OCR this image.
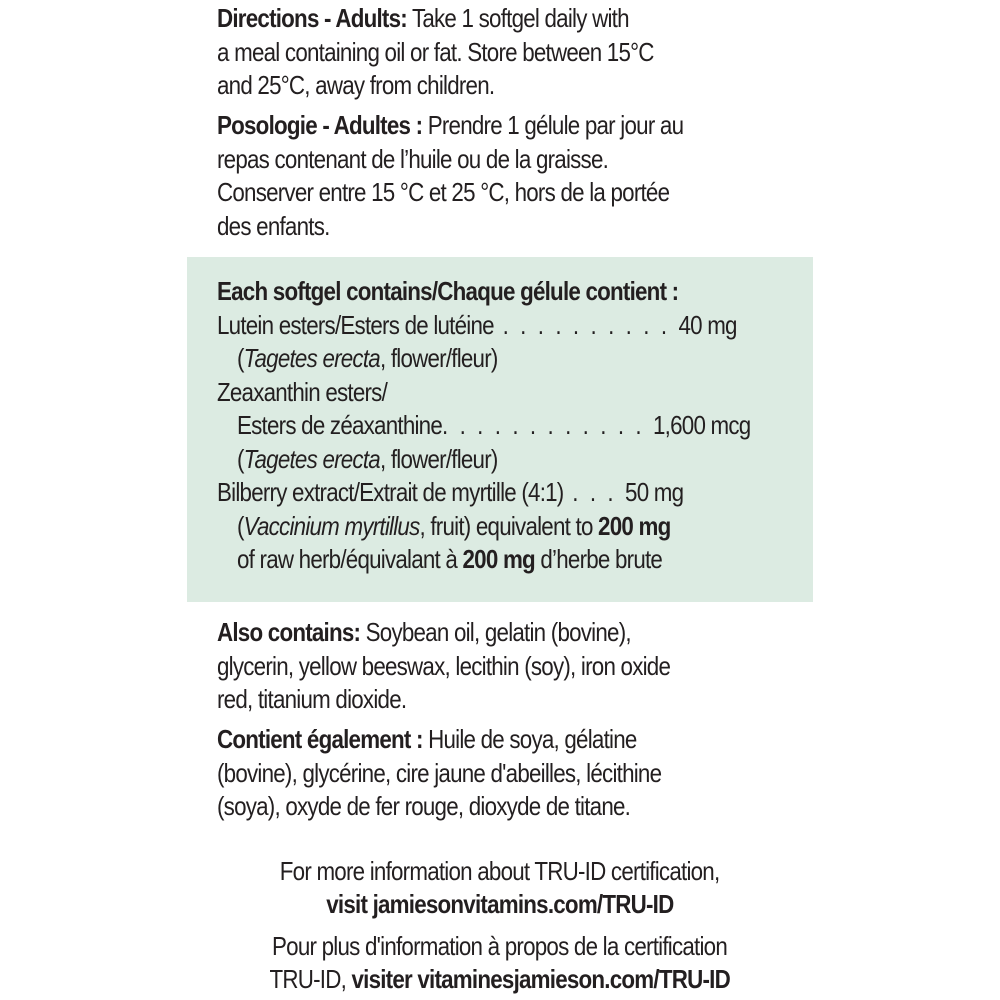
Directions - Adults: Take 1 softgel daily with
a meal containing oil or fat. Store between 15°C
and 25°C, away from children.
Posologie - Adultes : Prendre 1 gélule par jour au
repas contenant de l’huile ou de la graisse.
Conserver entre 15 °C et 25 °C, hors de la portée
des enfants.
Each softgel contains/Chaque gélule contient :
Lutein esters/Esters de lutéine . . . . . . . . . . 40 mg
(Tagetes erecta, flower/fleur)
Zeaxanthin esters/
Esters de zéaxanthine. . . . . . . . . . . . 1,600 mcg
(Tagetes erecta, flower/fleur)
Bilberry extract/Extrait de myrtille (4:1) . . . 50 mg
(Vaccinium myrtillus, fruit) equivalent to 200 mg
of raw herb/équivalant à 200 mg d’herbe brute
Also contains: Soybean oil, gelatin (bovine),
glycerin, yellow beeswax, lecithin (soy), iron oxide
red, titanium dioxide.
Contient également : Huile de soya, gélatine
(bovine), glycérine, cire jaune d'abeilles, lécithine
(soya), oxyde de fer rouge, dioxyde de titane.
For more information about TRU-ID certification,
visit jamiesonvitamins.com/TRU-ID
Pour plus d'information à propos de la certification
TRU-ID, visiter vitaminesjamieson.com/TRU-ID
